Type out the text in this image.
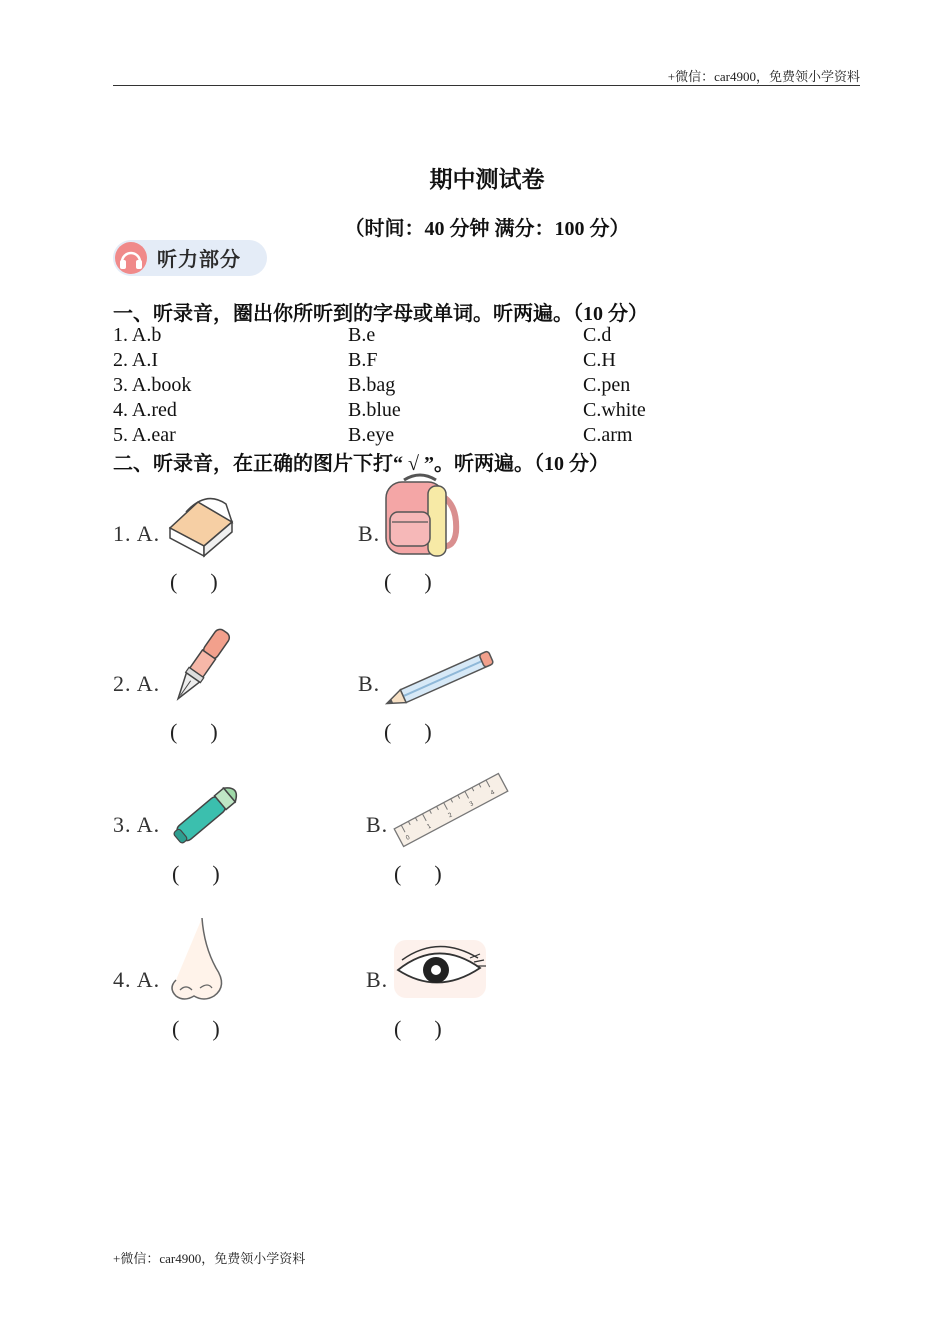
+微信：car4900，免费领小学资料
期中测试卷
（时间：40 分钟 满分：100 分）
听力部分
一、听录音，圈出你所听到的字母或单词。听两遍。（10 分）
1. A.b	B.e	C.d
2. A.I	B.F	C.H
3. A.book	B.bag	C.pen
4. A.red	B.blue	C.white
5. A.ear	B.eye	C.arm
二、听录音，在正确的图片下打“ √ ”。听两遍。（10 分）
1. A.	B.
(      )	(      )
2. A.	B.
(      )	(      )
3. A.	B.
0
1
2
3
4
(      )	(      )
4. A.	B.
(      )	(      )
+微信：car4900，免费领小学资料
